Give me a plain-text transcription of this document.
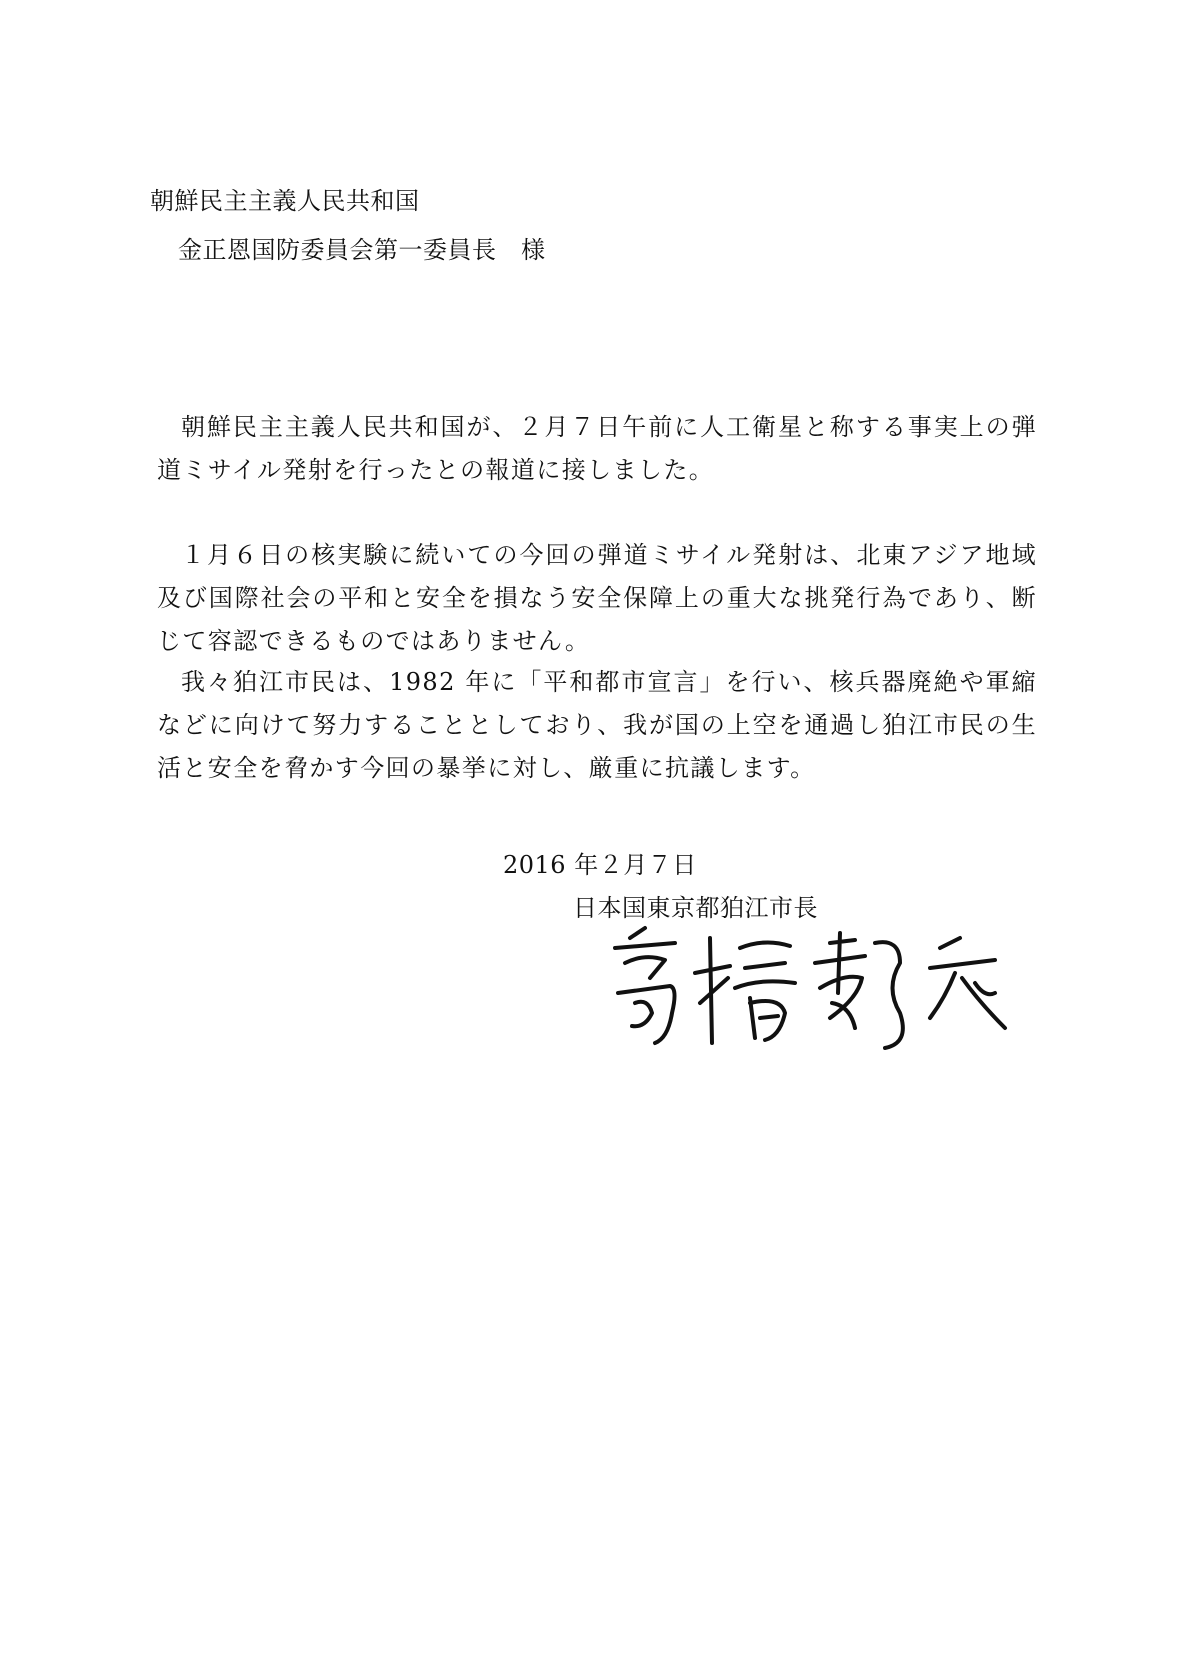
朝鮮民主主義人民共和国
金正恩国防委員会第一委員長　様
朝鮮民主主義人民共和国が、２月７日午前に人工衛星と称する事実上の弾道ミサイル発射を行ったとの報道に接しました。
１月６日の核実験に続いての今回の弾道ミサイル発射は、北東アジア地域及び国際社会の平和と安全を損なう安全保障上の重大な挑発行為であり、断じて容認できるものではありません。
我々狛江市民は、1982 年に「平和都市宣言」を行い、核兵器廃絶や軍縮などに向けて努力することとしており、我が国の上空を通過し狛江市民の生活と安全を脅かす今回の暴挙に対し、厳重に抗議します。
2016 年２月７日
日本国東京都狛江市長
